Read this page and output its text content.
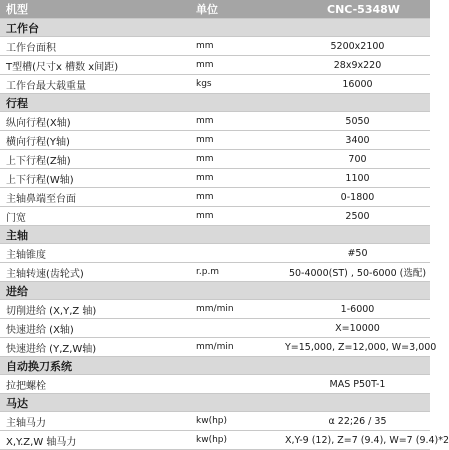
机型	单位	CNC-5348W
工作台		
工作台面积	mm	5200x2100
T型槽(尺寸x 槽数 x间距)	mm	28x9x220
工作台最大载重量	kgs	16000
行程		
纵向行程(X轴)	mm	5050
横向行程(Y轴)	mm	3400
上下行程(Z轴)	mm	700
上下行程(W轴)	mm	1100
主轴鼻端至台面	mm	0-1800
门宽	mm	2500
主轴		
主轴锥度		#50
主轴转速(齿轮式)	r.p.m	50-4000(ST) , 50-6000 (选配)
进给		
切削进给 (X,Y,Z 轴)	mm/min	1-6000
快速进给 (X轴)		X=10000
快速进给 (Y,Z,W轴)	mm/min	Y=15,000, Z=12,000, W=3,000
自动换刀系统		
拉把螺栓		MAS P50T-1
马达		
主轴马力	kw(hp)	α 22;26 / 35
X,Y.Z,W 轴马力	kw(hp)	X,Y-9 (12), Z=7 (9.4), W=7 (9.4)*2
